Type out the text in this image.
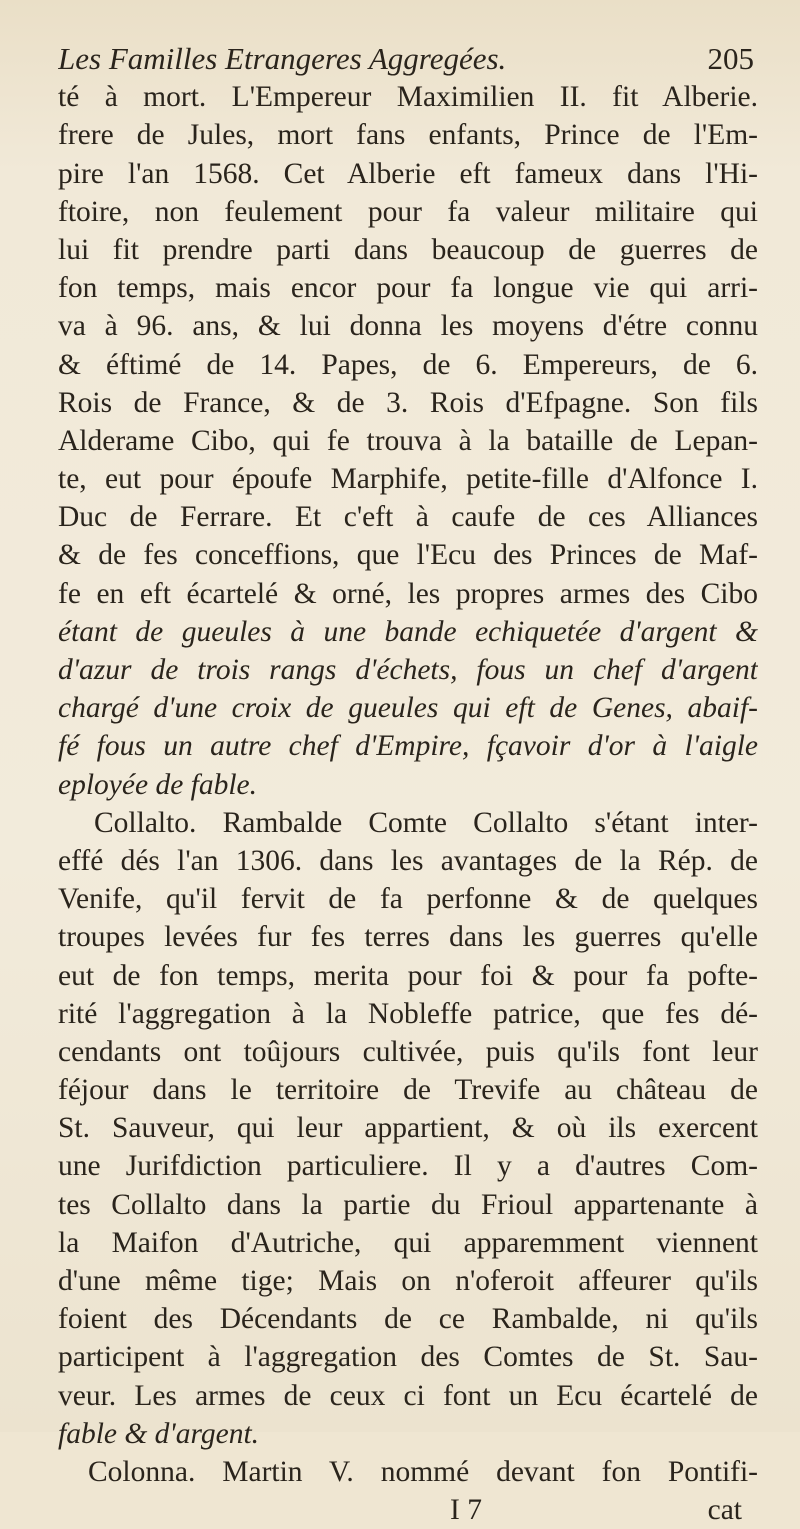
Les Familles Etrangeres Aggregées.	205
té à mort. L'Empereur Maximilien II. fit Alberie.
frere de Jules, mort fans enfants, Prince de l'Em-
pire l'an 1568. Cet Alberie eft fameux dans l'Hi-
ftoire, non feulement pour fa valeur militaire qui
lui fit prendre parti dans beaucoup de guerres de
fon temps, mais encor pour fa longue vie qui arri-
va à 96. ans, & lui donna les moyens d'étre connu
& éftimé de 14. Papes, de 6. Empereurs, de 6.
Rois de France, & de 3. Rois d'Efpagne. Son fils
Alderame Cibo, qui fe trouva à la bataille de Lepan-
te, eut pour époufe Marphife, petite-fille d'Alfonce I.
Duc de Ferrare. Et c'eft à caufe de ces Alliances
& de fes conceffions, que l'Ecu des Princes de Maf-
fe en eft écartelé & orné, les propres armes des Cibo
étant de gueules à une bande echiquetée d'argent &
d'azur de trois rangs d'échets, fous un chef d'argent
chargé d'une croix de gueules qui eft de Genes, abaif-
fé fous un autre chef d'Empire, fçavoir d'or à l'aigle
eployée de fable.
Collalto. Rambalde Comte Collalto s'étant inter-
effé dés l'an 1306. dans les avantages de la Rép. de
Venife, qu'il fervit de fa perfonne & de quelques
troupes levées fur fes terres dans les guerres qu'elle
eut de fon temps, merita pour foi & pour fa pofte-
rité l'aggregation à la Nobleffe patrice, que fes dé-
cendants ont toûjours cultivée, puis qu'ils font leur
féjour dans le territoire de Trevife au château de
St. Sauveur, qui leur appartient, & où ils exercent
une Jurifdiction particuliere. Il y a d'autres Com-
tes Collalto dans la partie du Frioul appartenante à
la Maifon d'Autriche, qui apparemment viennent
d'une même tige; Mais on n'oferoit affeurer qu'ils
foient des Décendants de ce Rambalde, ni qu'ils
participent à l'aggregation des Comtes de St. Sau-
veur. Les armes de ceux ci font un Ecu écartelé de
fable & d'argent.
Colonna. Martin V. nommé devant fon Pontifi-
I 7	cat
